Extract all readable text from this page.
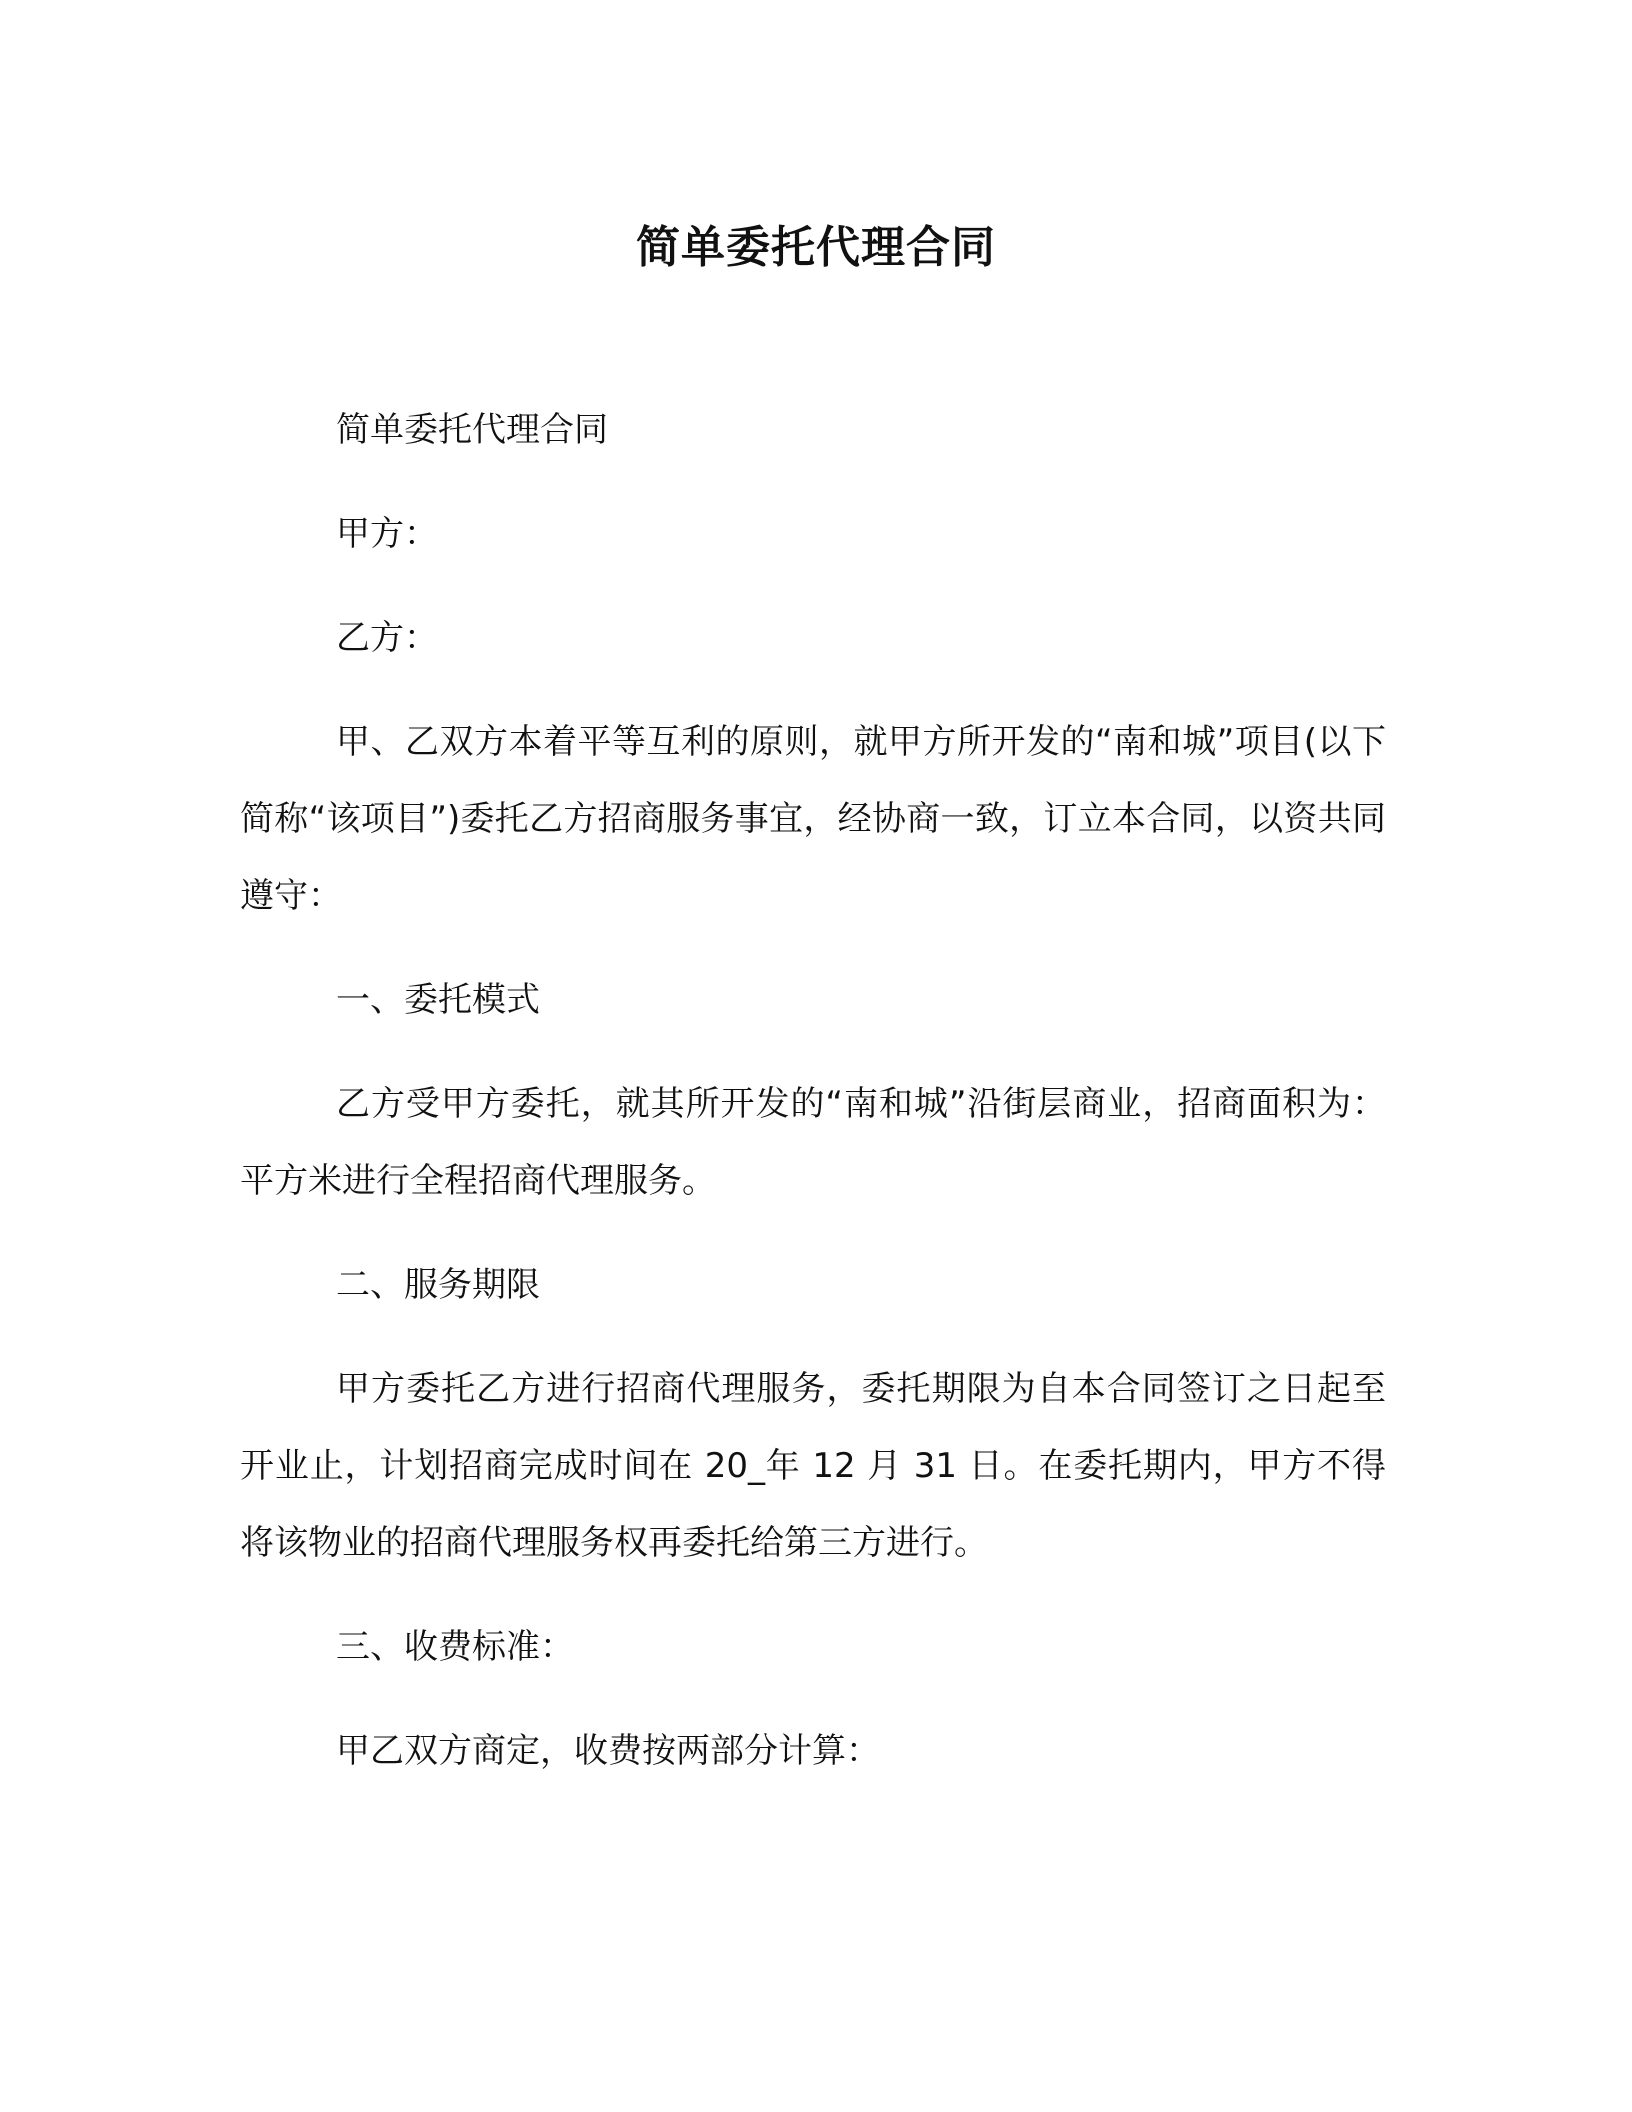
简单委托代理合同

简单委托代理合同

甲方：

乙方：

甲、乙双方本着平等互利的原则，就甲方所开发的“南和城”项目(以下简称“该项目”)委托乙方招商服务事宜，经协商一致，订立本合同，以资共同遵守：

一、委托模式

乙方受甲方委托，就其所开发的“南和城”沿街层商业，招商面积为： 平方米进行全程招商代理服务。

二、服务期限

甲方委托乙方进行招商代理服务，委托期限为自本合同签订之日起至开业止，计划招商完成时间在 20_年 12 月 31 日。在委托期内，甲方不得将该物业的招商代理服务权再委托给第三方进行。

三、收费标准：

甲乙双方商定，收费按两部分计算：
